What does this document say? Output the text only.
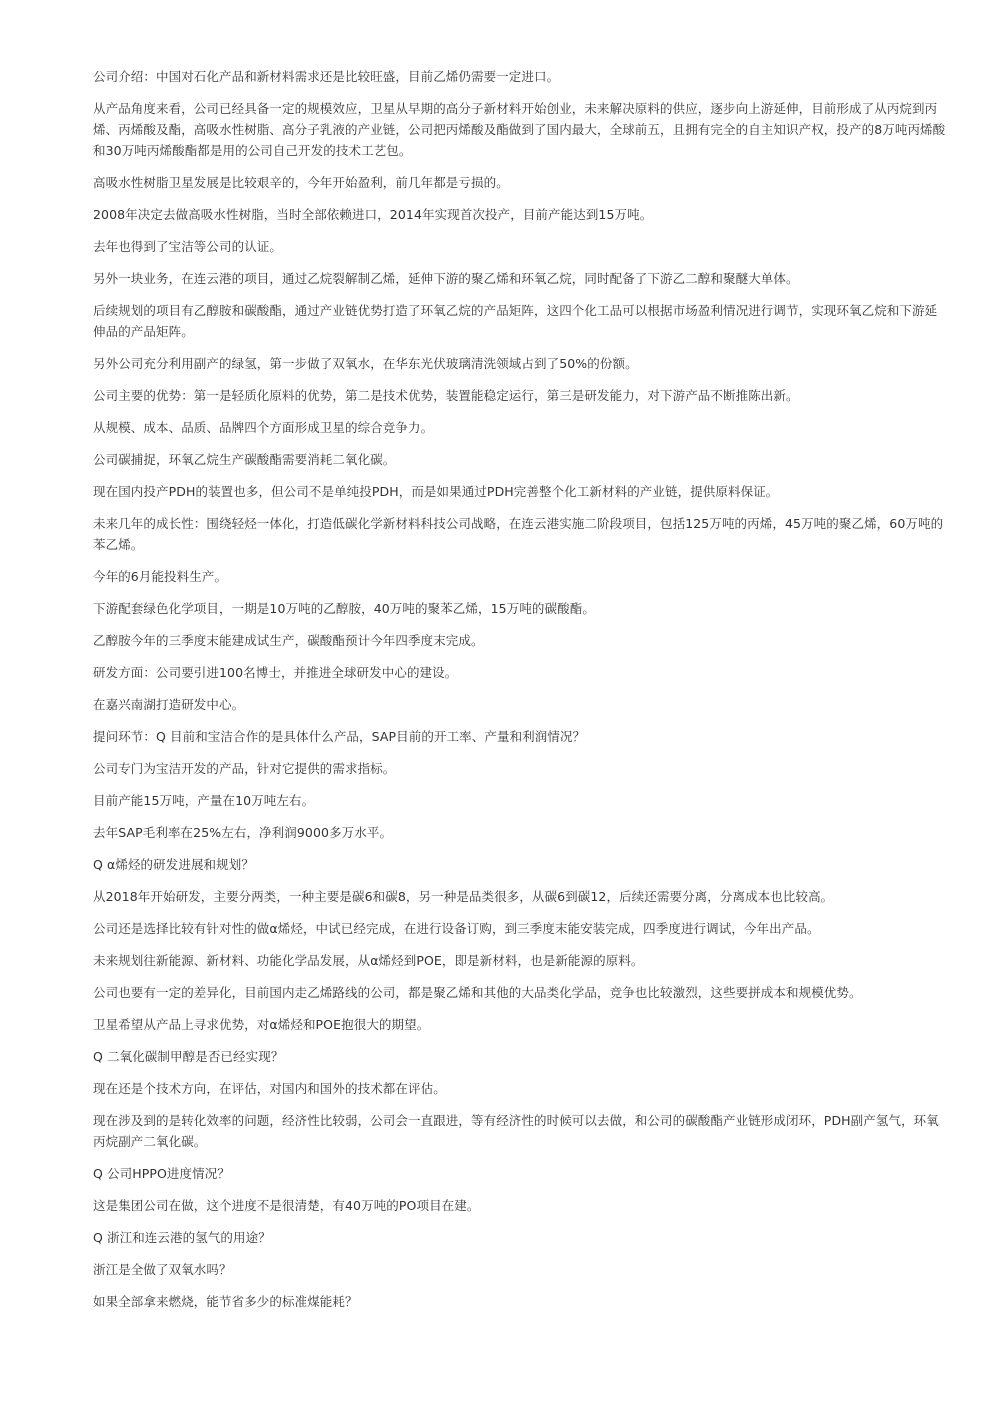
公司介绍：中国对石化产品和新材料需求还是比较旺盛，目前乙烯仍需要一定进口。

从产品角度来看，公司已经具备一定的规模效应，卫星从早期的高分子新材料开始创业，未来解决原料的供应，逐步向上游延伸，目前形成了从丙烷到丙烯、丙烯酸及酯，高吸水性树脂、高分子乳液的产业链，公司把丙烯酸及酯做到了国内最大，全球前五，且拥有完全的自主知识产权，投产的8万吨丙烯酸和30万吨丙烯酸酯都是用的公司自己开发的技术工艺包。

高吸水性树脂卫星发展是比较艰辛的，今年开始盈利，前几年都是亏损的。

2008年决定去做高吸水性树脂，当时全部依赖进口，2014年实现首次投产，目前产能达到15万吨。

去年也得到了宝洁等公司的认证。

另外一块业务，在连云港的项目，通过乙烷裂解制乙烯，延伸下游的聚乙烯和环氧乙烷，同时配备了下游乙二醇和聚醚大单体。

后续规划的项目有乙醇胺和碳酸酯，通过产业链优势打造了环氧乙烷的产品矩阵，这四个化工品可以根据市场盈利情况进行调节，实现环氧乙烷和下游延伸品的产品矩阵。

另外公司充分利用副产的绿氢，第一步做了双氧水，在华东光伏玻璃清洗领域占到了50%的份额。

公司主要的优势：第一是轻质化原料的优势，第二是技术优势，装置能稳定运行，第三是研发能力，对下游产品不断推陈出新。

从规模、成本、品质、品牌四个方面形成卫星的综合竞争力。

公司碳捕捉，环氧乙烷生产碳酸酯需要消耗二氧化碳。

现在国内投产PDH的装置也多，但公司不是单纯投PDH，而是如果通过PDH完善整个化工新材料的产业链，提供原料保证。

未来几年的成长性：围绕轻烃一体化，打造低碳化学新材料科技公司战略，在连云港实施二阶段项目，包括125万吨的丙烯，45万吨的聚乙烯，60万吨的苯乙烯。

今年的6月能投料生产。

下游配套绿色化学项目，一期是10万吨的乙醇胺，40万吨的聚苯乙烯，15万吨的碳酸酯。

乙醇胺今年的三季度末能建成试生产，碳酸酯预计今年四季度末完成。

研发方面：公司要引进100名博士，并推进全球研发中心的建设。

在嘉兴南湖打造研发中心。

提问环节：Q 目前和宝洁合作的是具体什么产品，SAP目前的开工率、产量和利润情况？

公司专门为宝洁开发的产品，针对它提供的需求指标。

目前产能15万吨，产量在10万吨左右。

去年SAP毛利率在25%左右，净利润9000多万水平。

Q α烯烃的研发进展和规划？

从2018年开始研发，主要分两类，一种主要是碳6和碳8，另一种是品类很多，从碳6到碳12，后续还需要分离，分离成本也比较高。

公司还是选择比较有针对性的做α烯烃，中试已经完成，在进行设备订购，到三季度末能安装完成，四季度进行调试，今年出产品。

未来规划往新能源、新材料、功能化学品发展，从α烯烃到POE，即是新材料，也是新能源的原料。

公司也要有一定的差异化，目前国内走乙烯路线的公司，都是聚乙烯和其他的大品类化学品，竞争也比较激烈，这些要拼成本和规模优势。

卫星希望从产品上寻求优势，对α烯烃和POE抱很大的期望。

Q 二氧化碳制甲醇是否已经实现？

现在还是个技术方向，在评估，对国内和国外的技术都在评估。

现在涉及到的是转化效率的问题，经济性比较弱，公司会一直跟进，等有经济性的时候可以去做，和公司的碳酸酯产业链形成闭环，PDH副产氢气，环氧丙烷副产二氧化碳。

Q 公司HPPO进度情况？

这是集团公司在做，这个进度不是很清楚，有40万吨的PO项目在建。

Q 浙江和连云港的氢气的用途？

浙江是全做了双氧水吗？

如果全部拿来燃烧，能节省多少的标准煤能耗？
